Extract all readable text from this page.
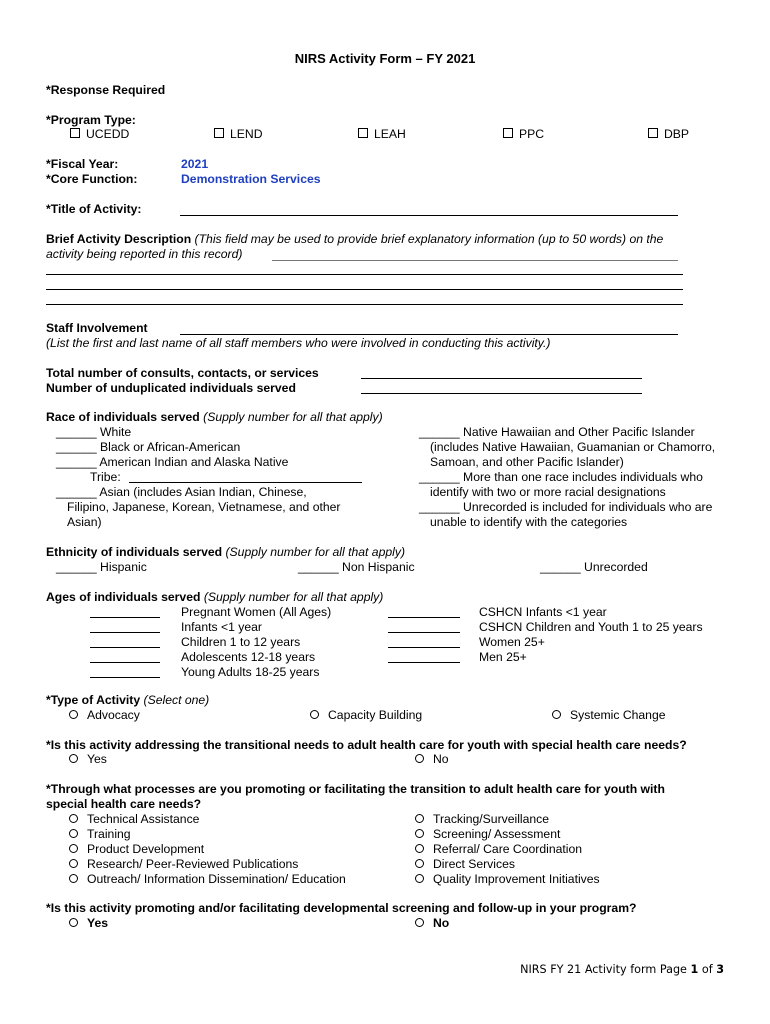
NIRS Activity Form – FY 2021
*Response Required
*Program Type:
UCEDD	LEND	LEAH	PPC	DBP
*Fiscal Year:	2021
*Core Function:	Demonstration Services
*Title of Activity:
Brief Activity Description (This field may be used to provide brief explanatory information (up to 50 words) on the
activity being reported in this record)
Staff Involvement
(List the first and last name of all staff members who were involved in conducting this activity.)
Total number of consults, contacts, or services
Number of unduplicated individuals served
Race of individuals served (Supply number for all that apply)
______ White
______ Black or African-American
______ American Indian and Alaska Native
Tribe:
______ Asian (includes Asian Indian, Chinese,
Filipino, Japanese, Korean, Vietnamese, and other
Asian)
______ Native Hawaiian and Other Pacific Islander
(includes Native Hawaiian, Guamanian or Chamorro,
Samoan, and other Pacific Islander)
______ More than one race includes individuals who
identify with two or more racial designations
______ Unrecorded is included for individuals who are
unable to identify with the categories
Ethnicity of individuals served (Supply number for all that apply)
______ Hispanic	______ Non Hispanic	______ Unrecorded
Ages of individuals served (Supply number for all that apply)
Pregnant Women (All Ages)
Infants <1 year
Children 1 to 12 years
Adolescents 12-18 years
Young Adults 18-25 years
CSHCN Infants <1 year
CSHCN Children and Youth 1 to 25 years
Women 25+
Men 25+
*Type of Activity (Select one)
Advocacy	Capacity Building	Systemic Change
*Is this activity addressing the transitional needs to adult health care for youth with special health care needs?
Yes	No
*Through what processes are you promoting or facilitating the transition to adult health care for youth with
special health care needs?
Technical Assistance
Training
Product Development
Research/ Peer-Reviewed Publications
Outreach/ Information Dissemination/ Education
Tracking/Surveillance
Screening/ Assessment
Referral/ Care Coordination
Direct Services
Quality Improvement Initiatives
*Is this activity promoting and/or facilitating developmental screening and follow-up in your program?
Yes	No
NIRS FY 21 Activity form Page 1 of 3
